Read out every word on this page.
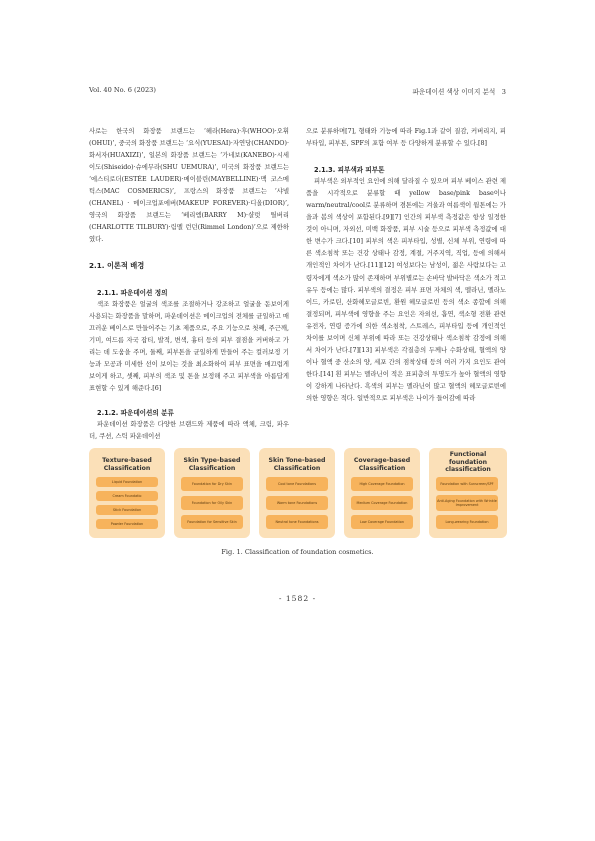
Vol. 40 No. 6 (2023)	파운데이션 색상 이미지 분석　3

사로는 한국의 화장품 브랜드는 ‘헤라(Hera)·후(WHOO)·오휘(OHUI)’, 중국의 화장품 브랜드는 ‘요식(YUESAI)·자연당(CHANDO)·화서자(HUAXIZI)’, 일본의 화장품 브랜드는 ‘가네보(KANEBO)·시세이도(Shiseido)·슈에무라(SHU UEMURA)’, 미국의 화장품 브랜드는 ‘에스티로더(ESTÉE LAUDER)·메이블린(MAYBELLINE)·맥 코스메틱스(MAC COSMERICS)’, 프랑스의 화장품 브랜드는 ‘샤넬(CHANEL) · 메이크업포에버(MAKEUP FOREVER)·디올(DIOR)’, 영국의 화장품 브랜드는 ‘베리엠(BARRY M)·샬럿 틸버리(CHARLOTTE TILBURY)·림멜 런던(Rimmel London)’으로 제한하였다.

2.1. 이론적 배경

2.1.1. 파운데이션 정의

색조 화장품은 얼굴의 색조를 조절하거나 강조하고 얼굴을 돋보이게 사용되는 화장품을 말하며, 파운데이션은 메이크업의 전체를 균일하고 매끄러운 베이스로 만들어주는 기초 제품으로, 주요 기능으로 첫째, 주근깨, 기미, 여드름 자국 잡티, 발적, 변색, 흉터 등의 피부 결점을 커버하고 가리는 데 도움을 주며, 둘째, 피부톤을 균일하게 만들어 주는 컬러보정 기능과 모공과 미세한 선이 보이는 것을 최소화하여 피부 표면을 매끄럽게 보이게 하고, 셋째, 피부의 색조 및 톤을 보정해 주고 피부색을 아름답게 표현할 수 있게 해준다.[6]

2.1.2. 파운데이션의 분류

파운데이션 화장품은 다양한 브랜드와 제품에 따라 액체, 크림, 파우더, 쿠션, 스틱 파운데이션

으로 분류하며[7], 형태와 기능에 따라 Fig.1과 같이 질감, 커버리지, 피부타입, 피부톤, SPF의 포함 여부 등 다양하게 분류할 수 있다.[8]

2.1.3. 피부색과 피부톤

피부색은 외부적인 요인에 의해 달라질 수 있으며 피부 베이스 관련 제품을 시각적으로 분류할 때 yellow base/pink base이나 warm/neutral/cool로 분류하며 겸톤에는 겨울과 여름색이 웜톤에는 가을과 봄의 색상이 포함된다.[9][7] 인간의 피부색 측정값은 항상 일정한 것이 아니며, 자외선, 미백 화장품, 피부 시술 등으로 피부색 측정값에 대한 변수가 크다.[10] 피부의 색은 피부타입, 성별, 신체 부위, 연령에 따른 색소침착 또는 건강 상태나 감정, 계절, 거주지역, 직업, 등에 의해서 개인적인 차이가 난다.[11][12] 여성보다는 남성이, 젊은 사람보다는 고령자에게 색소가 많이 존재하며 부위별로는 손바닥 발바닥은 색소가 적고 유두 등에는 많다. 피부색의 결정은 피부 표면 자체의 색, 멜라닌, 멜라노이드, 카로틴, 산화헤모글로빈, 환원 헤모글로빈 등의 색소 종합에 의해 결정되며, 피부색에 영향을 주는 요인은 자외선, 흡연, 색소형 전환 관련 유전자, 연령 증가에 의한 색소침착, 스트레스, 피부타입 등에 개인적인 차이를 보이며 신체 부위에 따라 또는 건강상태나 색소침착 감정에 의해서 차이가 난다.[7][13] 피부색은 각질층의 두께나 수화상태, 혈액의 양이나 혈액 중 산소의 양, 세포 간의 점착상태 등의 여러 가지 요인도 관여한다.[14] 흰 피부는 멜라닌이 적은 표피층의 투명도가 높아 혈액의 영향이 강하게 나타난다. 흑색의 피부는 멜라닌이 많고 혈액의 헤모글로빈에 의한 영향은 적다. 일반적으로 피부색은 나이가 들어감에 따라

Texture-based Classification
Liquid Foundation
Cream Foundatio
Stick Foundation
Powder Foundation
Skin Type-based Classification
Foundation for Dry Skin
Foundation for Oily Skin
Foundation for Sensitive Skin
Skin Tone-based Classification
Cool tone Foundations
Warm tone Foundations
Neutral tone Foundations
Coverage-based Classification
High Coverage Foundation
Medium Coverage Foundation
Low Coverage Foundation
Functional foundation classification
Foundation with Sunscreen/SPF
Anti-Aging Foundation with Wrinkle Improvement
Long-wearing Foundation
Fig. 1. Classification of foundation cosmetics.
- 1582 -
